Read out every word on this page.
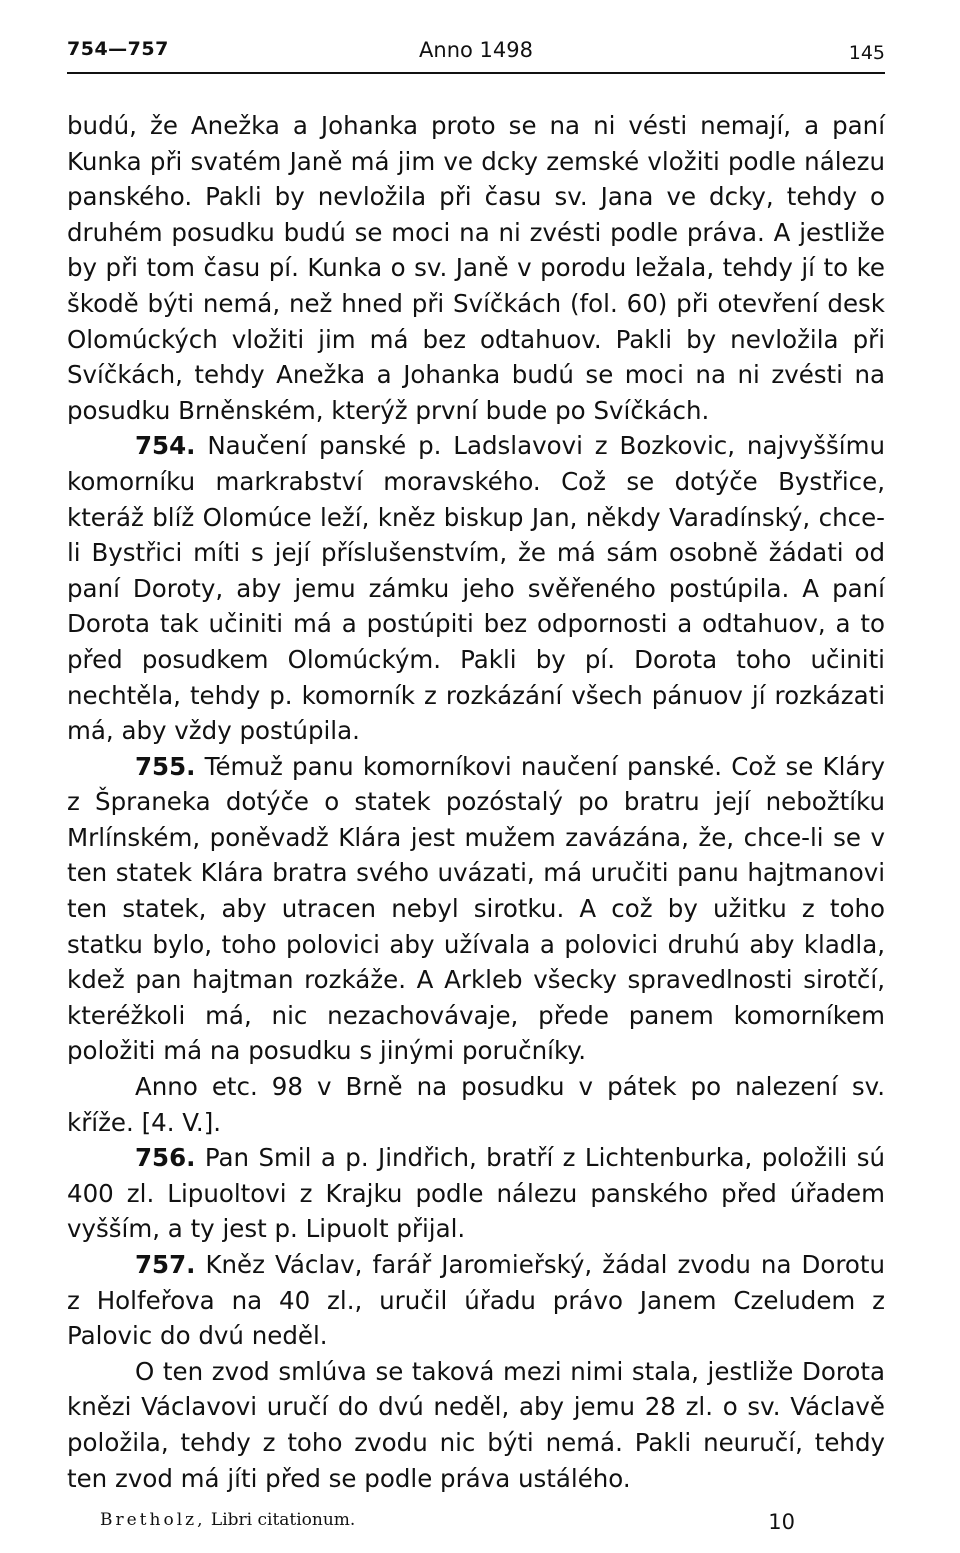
754—757	Anno 1498	145

budú, že Anežka a Johanka proto se na ni vésti nemají, a paní Kunka při svatém Janě má jim ve dcky zemské vložiti podle nálezu panského. Pakli by nevložila při času sv. Jana ve dcky, tehdy o druhém posudku budú se moci na ni zvésti podle práva. A jestliže by při tom času pí. Kunka o sv. Janě v porodu ležala, tehdy jí to ke škodě býti nemá, než hned při Svíčkách (fol. 60) při otevření desk Olomúckých vložiti jim má bez odtahuov. Pakli by nevložila při Svíčkách, tehdy Anežka a Johanka budú se moci na ni zvésti na posudku Brněnském, kterýž první bude po Svíčkách.

754. Naučení panské p. Ladslavovi z Bozkovic, najvyššímu komorníku markrabství moravského. Což se dotýče Bystřice, kteráž blíž Olomúce leží, kněz biskup Jan, někdy Varadínský, chce-li Bystřici míti s její příslušenstvím, že má sám osobně žádati od paní Doroty, aby jemu zámku jeho svěřeného postúpila. A paní Dorota tak učiniti má a postúpiti bez odpornosti a odtahuov, a to před posudkem Olomúckým. Pakli by pí. Dorota toho učiniti nechtěla, tehdy p. komorník z rozkázání všech pánuov jí rozkázati má, aby vždy postúpila.

755. Témuž panu komorníkovi naučení panské. Což se Kláry z Špraneka dotýče o statek pozóstalý po bratru její nebožtíku Mrlínském, poněvadž Klára jest mužem zavázána, že, chce-li se v ten statek Klára bratra svého uvázati, má uručiti panu hajtmanovi ten statek, aby utracen nebyl sirotku. A což by užitku z toho statku bylo, toho polovici aby užívala a polovici druhú aby kladla, kdež pan hajtman rozkáže. A Arkleb všecky spravedlnosti sirotčí, kteréžkoli má, nic nezachovávaje, přede panem komorníkem položiti má na posudku s jinými poručníky.

Anno etc. 98 v Brně na posudku v pátek po nalezení sv. kříže. [4. V.].

756. Pan Smil a p. Jindřich, bratří z Lichtenburka, položili sú 400 zl. Lipuoltovi z Krajku podle nálezu panského před úřadem vyšším, a ty jest p. Lipuolt přijal.

757. Kněz Václav, farář Jaromieřský, žádal zvodu na Dorotu z Holfeřova na 40 zl., uručil úřadu právo Janem Czeludem z Palovic do dvú neděl.

O ten zvod smlúva se taková mezi nimi stala, jestliže Dorota knězi Václavovi uručí do dvú neděl, aby jemu 28 zl. o sv. Václavě položila, tehdy z toho zvodu nic býti nemá. Pakli neuručí, tehdy ten zvod má jíti před se podle práva ustálého.

Bretholz, Libri citationum.	10
